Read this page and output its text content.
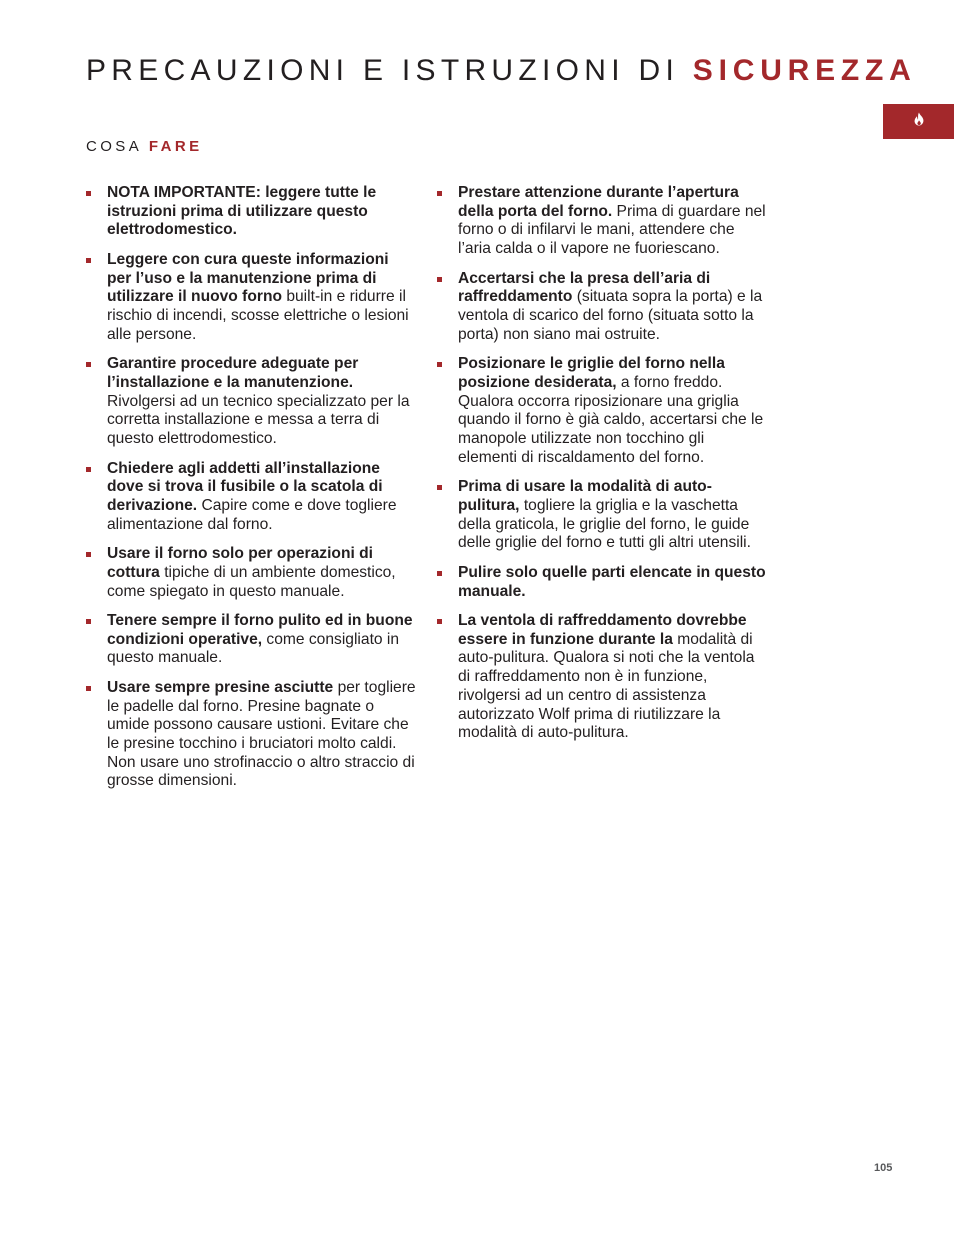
PRECAUZIONI E ISTRUZIONI DI SICUREZZA
COSA FARE
NOTA IMPORTANTE: leggere tutte le istruzioni prima di utilizzare questo elettrodomestico.
Leggere con cura queste informazioni per l’uso e la manutenzione prima di utilizzare il nuovo forno built-in e ridurre il rischio di incendi, scosse elettriche o lesioni alle persone.
Garantire procedure adeguate per l’installazione e la manutenzione. Rivolgersi ad un tecnico specializzato per la corretta installazione e messa a terra di questo elettrodomestico.
Chiedere agli addetti all’installazione dove si trova il fusibile o la scatola di derivazione. Capire come e dove togliere alimentazione dal forno.
Usare il forno solo per operazioni di cottura tipiche di un ambiente domestico, come spiegato in questo manuale.
Tenere sempre il forno pulito ed in buone condizioni operative, come consigliato in questo manuale.
Usare sempre presine asciutte per togliere le padelle dal forno. Presine bagnate o umide possono causare ustioni. Evitare che le presine tocchino i bruciatori molto caldi. Non usare uno strofinaccio o altro straccio di grosse dimensioni.
Prestare attenzione durante l’apertura della porta del forno. Prima di guardare nel forno o di infilarvi le mani, attendere che l’aria calda o il vapore ne fuoriescano.
Accertarsi che la presa dell’aria di raffreddamento (situata sopra la porta) e la ventola di scarico del forno (situata sotto la porta) non siano mai ostruite.
Posizionare le griglie del forno nella posizione desiderata, a forno freddo. Qualora occorra riposizionare una griglia quando il forno è già caldo, accertarsi che le manopole utilizzate non tocchino gli elementi di riscaldamento del forno.
Prima di usare la modalità di auto-pulitura, togliere la griglia e la vaschetta della graticola, le griglie del forno, le guide delle griglie del forno e tutti gli altri utensili.
Pulire solo quelle parti elencate in questo manuale.
La ventola di raffreddamento dovrebbe essere in funzione durante la modalità di auto-pulitura. Qualora si noti che la ventola di raffreddamento non è in funzione, rivolgersi ad un centro di assistenza autorizzato Wolf prima di riutilizzare la modalità di auto-pulitura.
105
